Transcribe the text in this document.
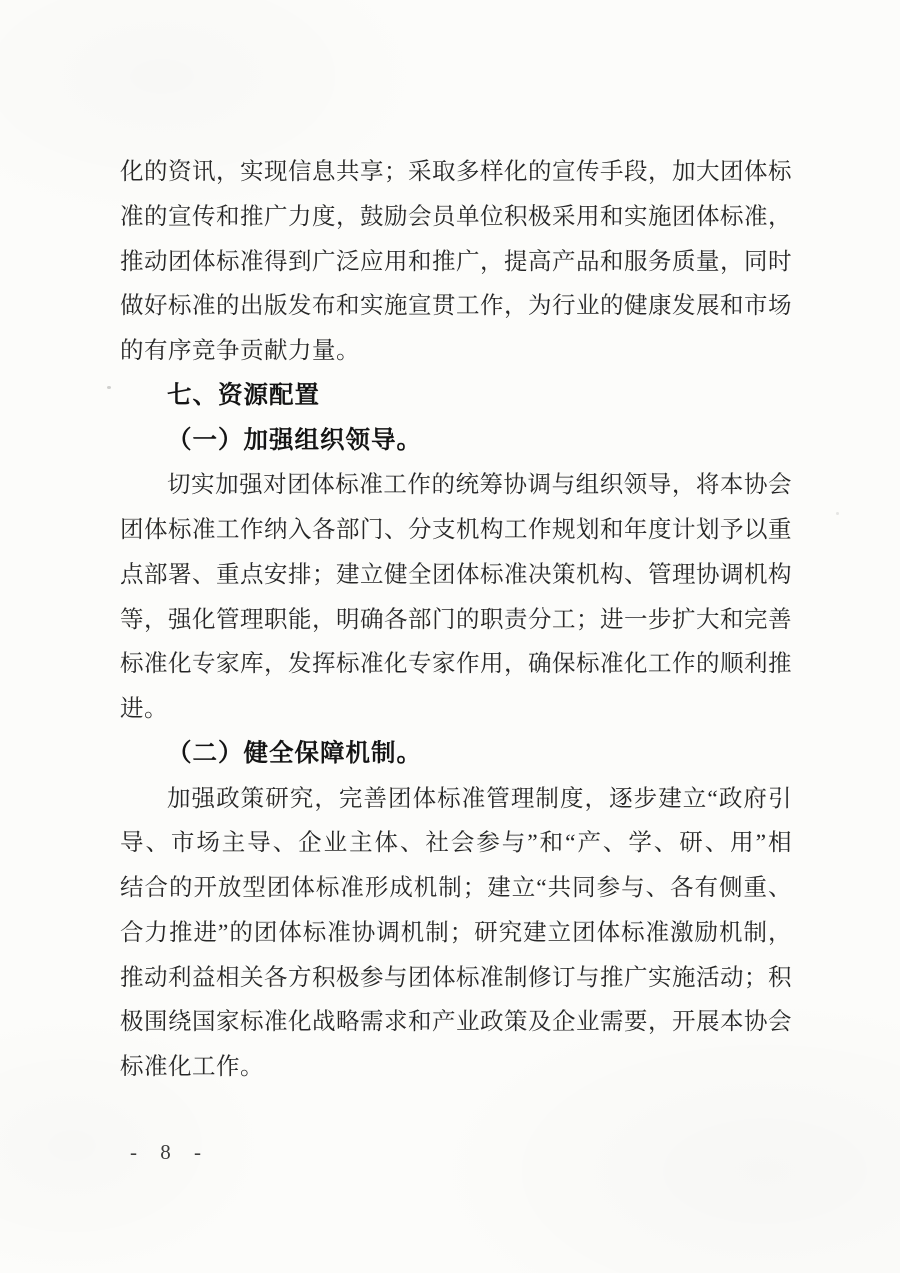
化的资讯，实现信息共享；采取多样化的宣传手段，加大团体标
准的宣传和推广力度，鼓励会员单位积极采用和实施团体标准，
推动团体标准得到广泛应用和推广，提高产品和服务质量，同时
做好标准的出版发布和实施宣贯工作，为行业的健康发展和市场
的有序竞争贡献力量。
七、资源配置
（一）加强组织领导。
切实加强对团体标准工作的统筹协调与组织领导，将本协会
团体标准工作纳入各部门、分支机构工作规划和年度计划予以重
点部署、重点安排；建立健全团体标准决策机构、管理协调机构
等，强化管理职能，明确各部门的职责分工；进一步扩大和完善
标准化专家库，发挥标准化专家作用，确保标准化工作的顺利推
进。
（二）健全保障机制。
加强政策研究，完善团体标准管理制度，逐步建立“政府引
导、市场主导、企业主体、社会参与”和“产、学、研、用”相
结合的开放型团体标准形成机制；建立“共同参与、各有侧重、
合力推进”的团体标准协调机制；研究建立团体标准激励机制，
推动利益相关各方积极参与团体标准制修订与推广实施活动；积
极围绕国家标准化战略需求和产业政策及企业需要，开展本协会
标准化工作。
- 8 -
